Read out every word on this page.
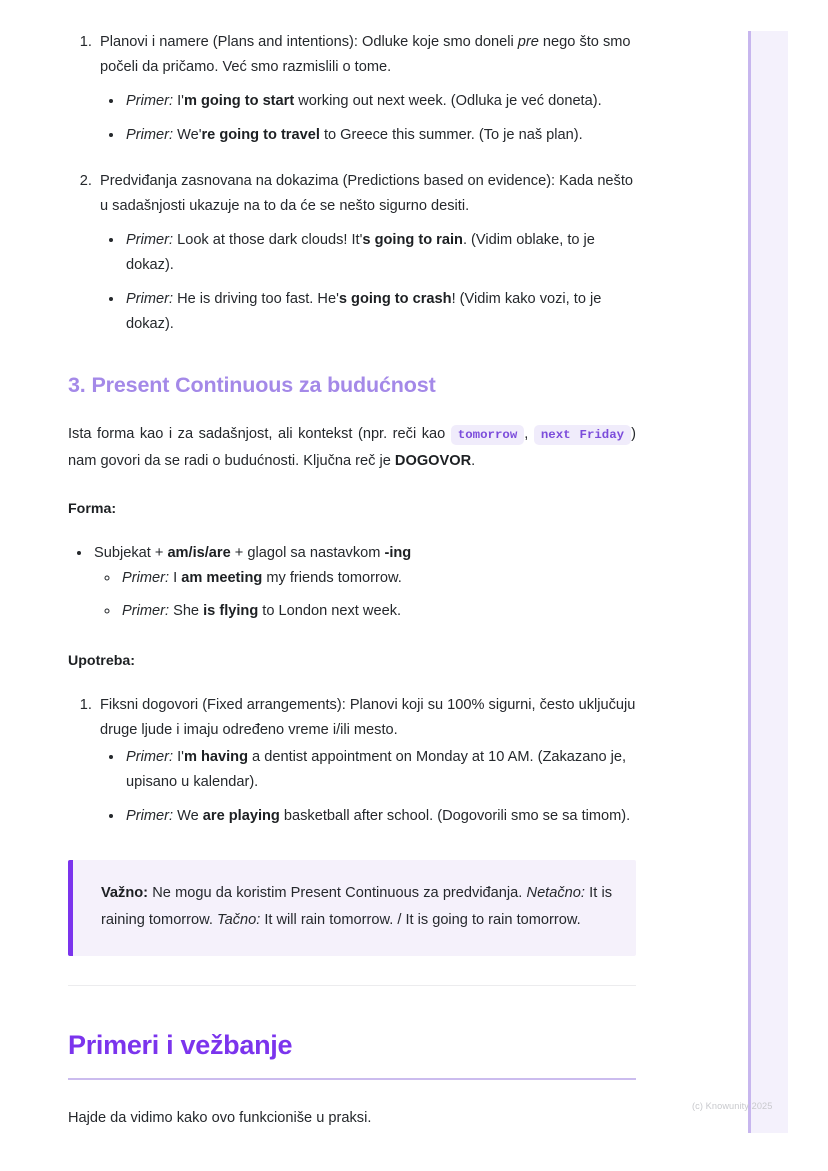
1. Planovi i namere (Plans and intentions): Odluke koje smo doneli pre nego što smo počeli da pričamo. Već smo razmislili o tome.
• Primer: I'm going to start working out next week. (Odluka je već doneta).
• Primer: We're going to travel to Greece this summer. (To je naš plan).
2. Predviđanja zasnovana na dokazima (Predictions based on evidence): Kada nešto u sadašnjosti ukazuje na to da će se nešto sigurno desiti.
• Primer: Look at those dark clouds! It's going to rain. (Vidim oblake, to je dokaz).
• Primer: He is driving too fast. He's going to crash! (Vidim kako vozi, to je dokaz).
3. Present Continuous za budućnost

Ista forma kao i za sadašnjost, ali kontekst (npr. reči kao tomorrow , next Friday ) nam govori da se radi o budućnosti. Ključna reč je DOGOVOR.

Forma:

• Subjekat + am/is/are + glagol sa nastavkom -ing
◦ Primer: I am meeting my friends tomorrow.
◦ Primer: She is flying to London next week.

Upotreba:

1. Fiksni dogovori (Fixed arrangements): Planovi koji su 100% sigurni, često uključuju druge ljude i imaju određeno vreme i/ili mesto.
• Primer: I'm having a dentist appointment on Monday at 10 AM. (Zakazano je, upisano u kalendar).
• Primer: We are playing basketball after school. (Dogovorili smo se sa timom).

Važno: Ne mogu da koristim Present Continuous za predviđanja. Netačno: It is raining tomorrow. Tačno: It will rain tomorrow. / It is going to rain tomorrow.

Primeri i vežbanje

Hajde da vidimo kako ovo funkcioniše u praksi.

(c) Knowunity 2025
